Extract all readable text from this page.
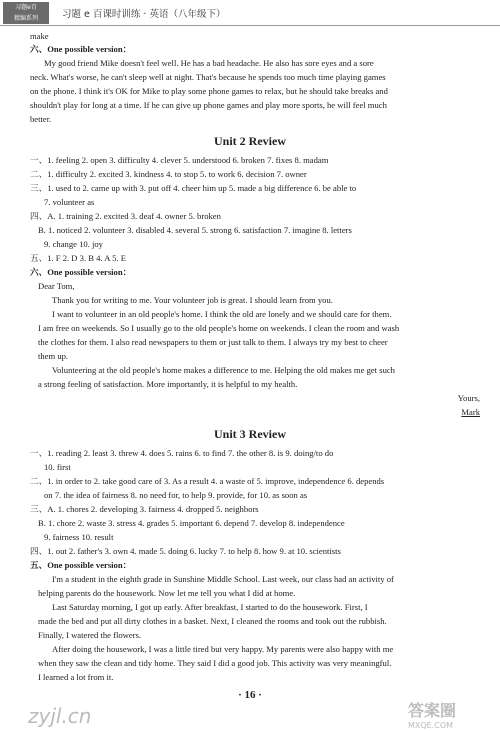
习题e百
精编系列	习题 e 百课时训练 · 英语（八年级下）
make
六、One possible version：
My good friend Mike doesn't feel well. He has a bad headache. He also has sore eyes and a sore
neck. What's worse, he can't sleep well at night. That's because he spends too much time playing games
on the phone. I think it's OK for Mike to play some phone games to relax, but he should take breaks and
shouldn't play for long at a time. If he can give up phone games and play more sports, he will feel much
better.
Unit 2 Review
一、1. feeling 2. open 3. difficulty 4. clever 5. understood 6. broken 7. fixes 8. madam
二、1. difficulty 2. excited 3. kindness 4. to stop 5. to work 6. decision 7. owner
三、1. used to 2. came up with 3. put off 4. cheer him up 5. made a big difference 6. be able to
7. volunteer as
四、A. 1. training 2. excited 3. deaf 4. owner 5. broken
B. 1. noticed 2. volunteer 3. disabled 4. several 5. strong 6. satisfaction 7. imagine 8. letters
9. change 10. joy
五、1. F 2. D 3. B 4. A 5. E
六、One possible version：
Dear Tom,
Thank you for writing to me. Your volunteer job is great. I should learn from you.
I want to volunteer in an old people's home. I think the old are lonely and we should care for them.
I am free on weekends. So I usually go to the old people's home on weekends. I clean the room and wash
the clothes for them. I also read newspapers to them or just talk to them. I always try my best to cheer
them up.
Volunteering at the old people's home makes a difference to me. Helping the old makes me get such
a strong feeling of satisfaction. More importantly, it is helpful to my health.
Yours,
Mark
Unit 3 Review
一、1. reading 2. least 3. threw 4. does 5. rains 6. to find 7. the other 8. is 9. doing/to do
10. first
二、1. in order to 2. take good care of 3. As a result 4. a waste of 5. improve, independence 6. depends
on 7. the idea of fairness 8. no need for, to help 9. provide, for 10. as soon as
三、A. 1. chores 2. developing 3. fairness 4. dropped 5. neighbors
B. 1. chore 2. waste 3. stress 4. grades 5. important 6. depend 7. develop 8. independence
9. fairness 10. result
四、1. out 2. father's 3. own 4. made 5. doing 6. lucky 7. to help 8. how 9. at 10. scientists
五、One possible version：
I'm a student in the eighth grade in Sunshine Middle School. Last week, our class had an activity of
helping parents do the housework. Now let me tell you what I did at home.
Last Saturday morning, I got up early. After breakfast, I started to do the housework. First, I
made the bed and put all dirty clothes in a basket. Next, I cleaned the rooms and took out the rubbish.
Finally, I watered the flowers.
After doing the housework, I was a little tired but very happy. My parents were also happy with me
when they saw the clean and tidy home. They said I did a good job. This activity was very meaningful.
I learned a lot from it.
· 16 ·
zyjl.cn	答案圈
MXQE.COM
